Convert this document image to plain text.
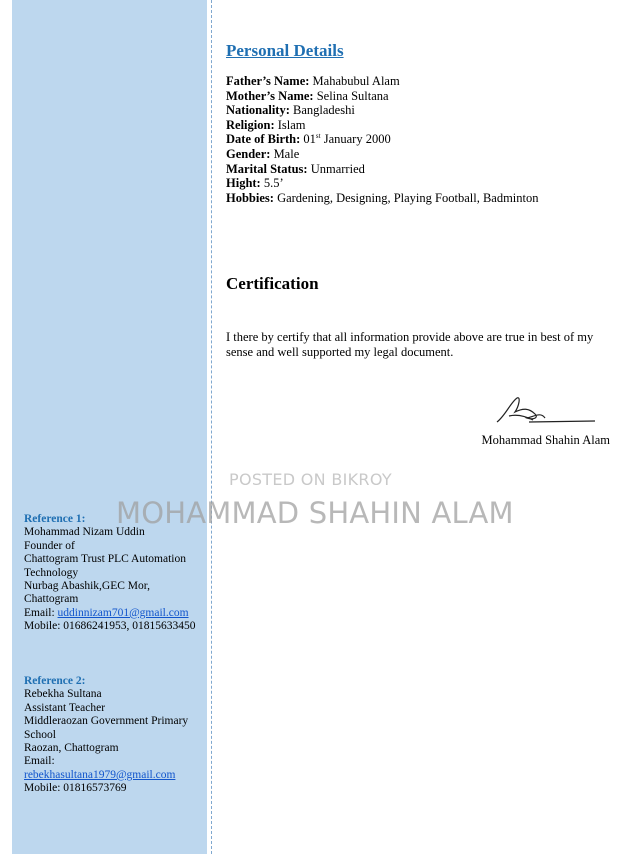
Personal Details
Father’s Name: Mahabubul Alam
Mother’s Name: Selina Sultana
Nationality: Bangladeshi
Religion: Islam
Date of Birth: 01st January 2000
Gender: Male
Marital Status: Unmarried
Hight: 5.5’
Hobbies: Gardening, Designing, Playing Football, Badminton
Certification

I there by certify that all information provide above are true in best of my sense and well supported my legal document.

Mohammad Shahin Alam
POSTED ON BIKROY
MOHAMMAD SHAHIN ALAM
Reference 1:
Mohammad Nizam Uddin
Founder of
Chattogram Trust PLC Automation Technology
Nurbag Abashik,GEC Mor, Chattogram
Email: uddinnizam701@gmail.com
Mobile: 01686241953, 01815633450
Reference 2:
Rebekha Sultana
Assistant Teacher
Middleraozan Government Primary School
Raozan, Chattogram
Email:
rebekhasultana1979@gmail.com
Mobile: 01816573769
